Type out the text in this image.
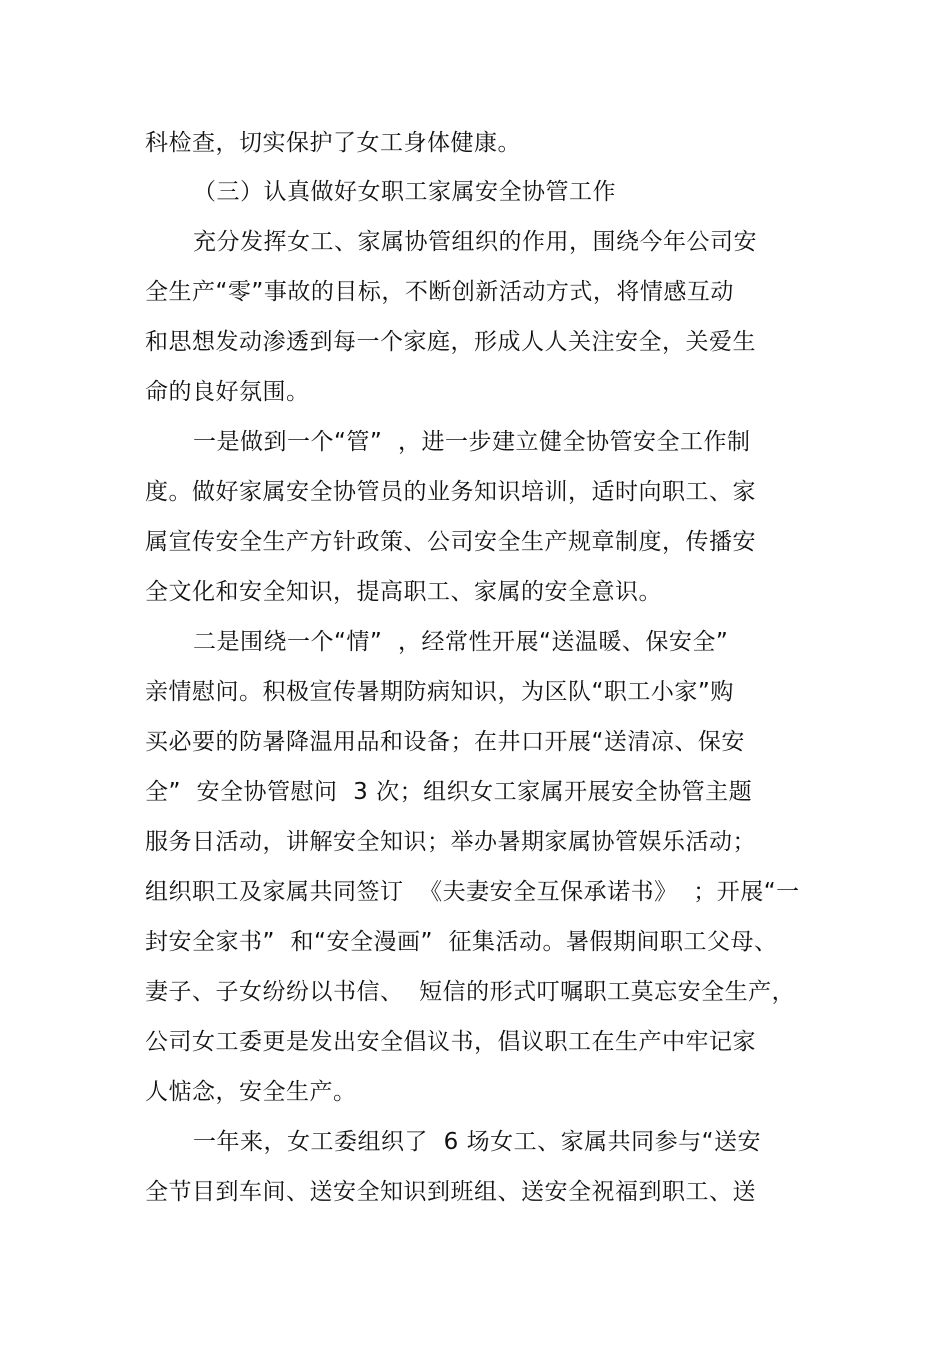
科检查，切实保护了女工身体健康。
（三）认真做好女职工家属安全协管工作
充分发挥女工、家属协管组织的作用，围绕今年公司安
全生产“零”事故的目标，不断创新活动方式，将情感互动
和思想发动渗透到每一个家庭，形成人人关注安全，关爱生
命的良好氛围。
一是做到一个“管”  ，进一步建立健全协管安全工作制
度。做好家属安全协管员的业务知识培训，适时向职工、家
属宣传安全生产方针政策、公司安全生产规章制度，传播安
全文化和安全知识，提高职工、家属的安全意识。
二是围绕一个“情”  ，经常性开展“送温暖、保安全”
亲情慰问。积极宣传暑期防病知识，为区队“职工小家”购
买必要的防暑降温用品和设备；在井口开展“送清凉、保安
全”  安全协管慰问  3 次；组织女工家属开展安全协管主题
服务日活动，讲解安全知识；举办暑期家属协管娱乐活动；
组织职工及家属共同签订  《夫妻安全互保承诺书》  ；开展“一
封安全家书”  和“安全漫画”  征集活动。暑假期间职工父母、
妻子、子女纷纷以书信、  短信的形式叮嘱职工莫忘安全生产，
公司女工委更是发出安全倡议书，倡议职工在生产中牢记家
人惦念，安全生产。
一年来，女工委组织了  6 场女工、家属共同参与“送安
全节目到车间、送安全知识到班组、送安全祝福到职工、送
